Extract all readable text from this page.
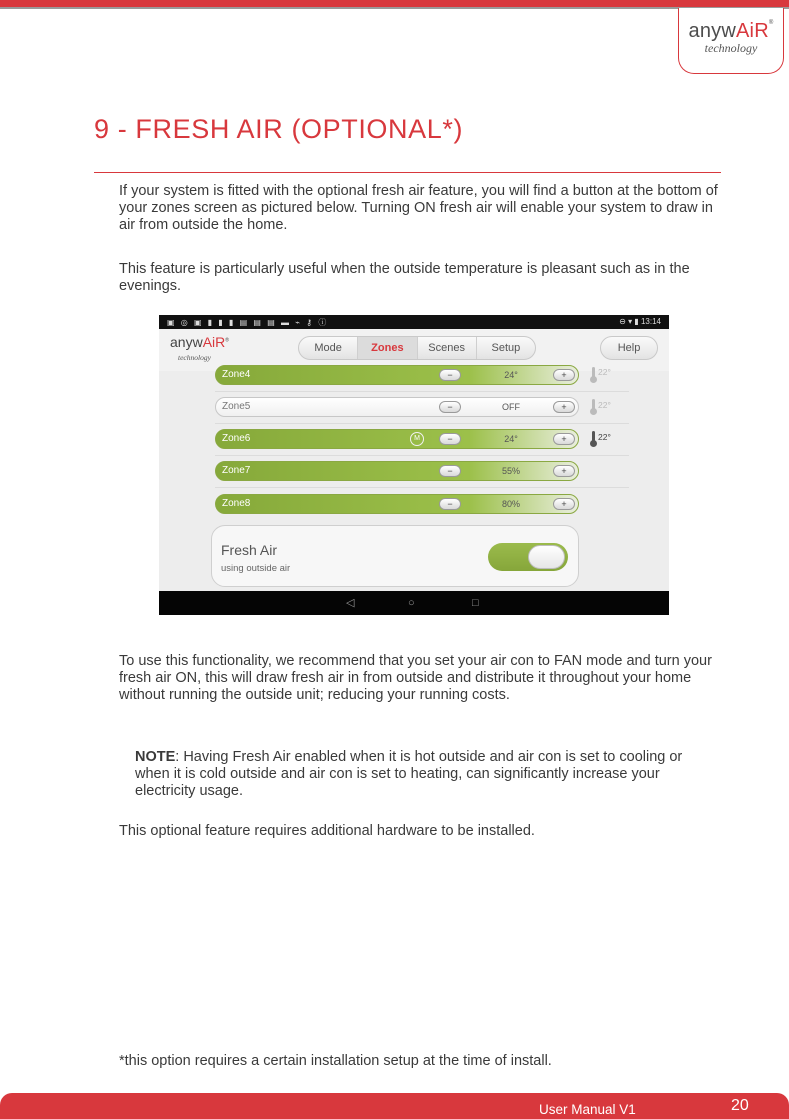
anywAiR®
technology
9 - FRESH AIR (OPTIONAL*)

If your system is fitted with the optional fresh air feature, you will find a button at the bottom of your zones screen as pictured below. Turning ON fresh air will enable your system to draw in air from outside the home.

This feature is particularly useful when the outside temperature is pleasant such as in the evenings.

▣ ◎ ▣ ▮ ▮ ▮ ▤ ▤ ▤ ▬ ⌁ ⚷ ⓘ	⊖ ▾ ▮ 13:14
anywAiR®
technology
Mode	Zones	Scenes	Setup	Help
Zone4	−	24°	+	22°
Zone5	−	OFF	+	22°
Zone6	M	−	24°	+	22°
Zone7	−	55%	+
Zone8	−	80%	+
Fresh Air
using outside air
◁	○	□

To use this functionality, we recommend that you set your air con to FAN mode and turn your fresh air ON, this will draw fresh air in from outside and distribute it throughout your home without running the outside unit; reducing your running costs.

NOTE: Having Fresh Air enabled when it is hot outside and air con is set to cooling or when it is cold outside and air con is set to heating, can significantly increase your electricity usage.

This optional feature requires additional hardware to be installed.

*this option requires a certain installation setup at the time of install.

User Manual V1	20
